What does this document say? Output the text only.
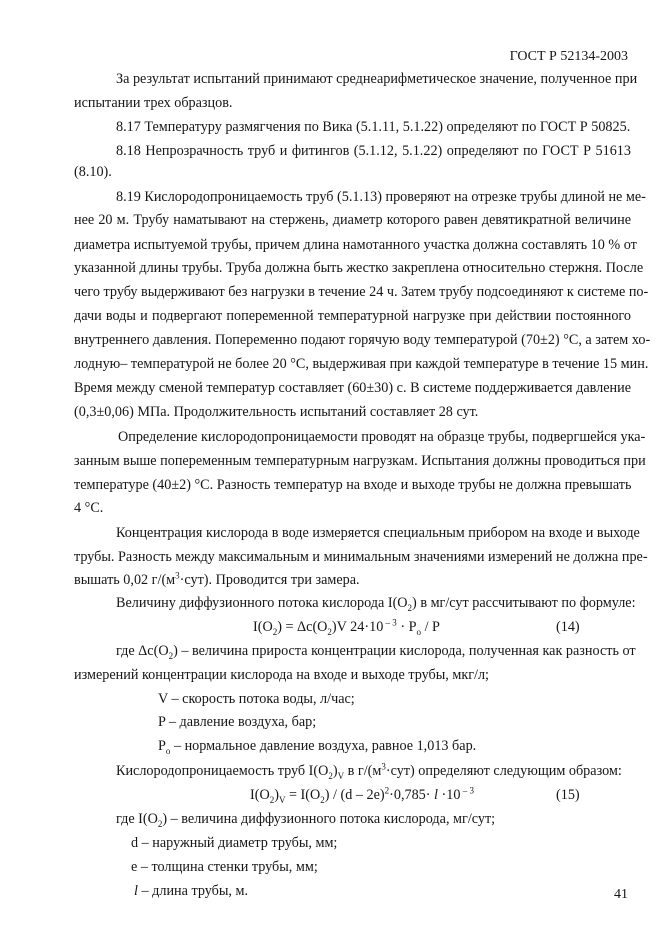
ГОСТ Р 52134-2003
За результат испытаний принимают среднеарифметическое значение, полученное при
испытании трех образцов.
8.17 Температуру размягчения по Вика (5.1.11, 5.1.22) определяют по ГОСТ Р 50825.
8.18 Непрозрачность труб и фитингов (5.1.12, 5.1.22) определяют по ГОСТ Р 51613
(8.10).
8.19 Кислородопроницаемость труб (5.1.13) проверяют на отрезке трубы длиной не ме-
нее 20 м. Трубу наматывают на стержень, диаметр которого равен девятикратной величине
диаметра испытуемой трубы, причем длина намотанного участка должна составлять 10 % от
указанной длины трубы. Труба должна быть жестко закреплена относительно стержня. После
чего трубу выдерживают без нагрузки в течение 24 ч. Затем трубу подсоединяют к системе по-
дачи воды и подвергают попеременной температурной нагрузке при действии постоянного
внутреннего давления. Попеременно подают горячую воду температурой (70±2) °С, а затем хо-
лодную– температурой не более 20 °С, выдерживая при каждой температуре в течение 15 мин.
Время между сменой температур составляет (60±30) с. В системе поддерживается давление
(0,3±0,06) МПа. Продолжительность испытаний составляет 28 сут.
Определение кислородопроницаемости проводят на образце трубы, подвергшейся ука-
занным выше попеременным температурным нагрузкам. Испытания должны проводиться при
температуре (40±2) °С. Разность температур на входе и выходе трубы не должна превышать
4 °С.
Концентрация кислорода в воде измеряется специальным прибором на входе и выходе
трубы. Разность между максимальным и минимальным значениями измерений не должна пре-
вышать 0,02 $г/(м^3\cdot сут)$. Проводится три замера.
Величину диффузионного потока кислорода $I(O_2)$ в мг/сут рассчитывают по формуле:
$I(O_2) = \Delta c(O_2)V$ 24·10 $^{- 3} \cdot P_o / P$	(14)
где $\Delta c(O_2)$ – величина прироста концентрации кислорода, полученная как разность от
измерений концентрации кислорода на входе и выходе трубы, мкг/л;
V – скорость потока воды, л/час;
P – давление воздуха, бар;
$P_o$ – нормальное давление воздуха, равное 1,013 бар.
Кислородопроницаемость труб $I(O_2)_V$ в $г/(м^3\cdot сут)$ определяют следующим образом:
$I(O_2)_V = I(O_2) / (d - 2e)^2\cdot 0,785\cdot l \cdot 10$ $^{- 3}$	(15)
где $I(O_2)$ – величина диффузионного потока кислорода, мг/сут;
d – наружный диаметр трубы, мм;
e – толщина стенки трубы, мм;
l – длина трубы, м.	41
